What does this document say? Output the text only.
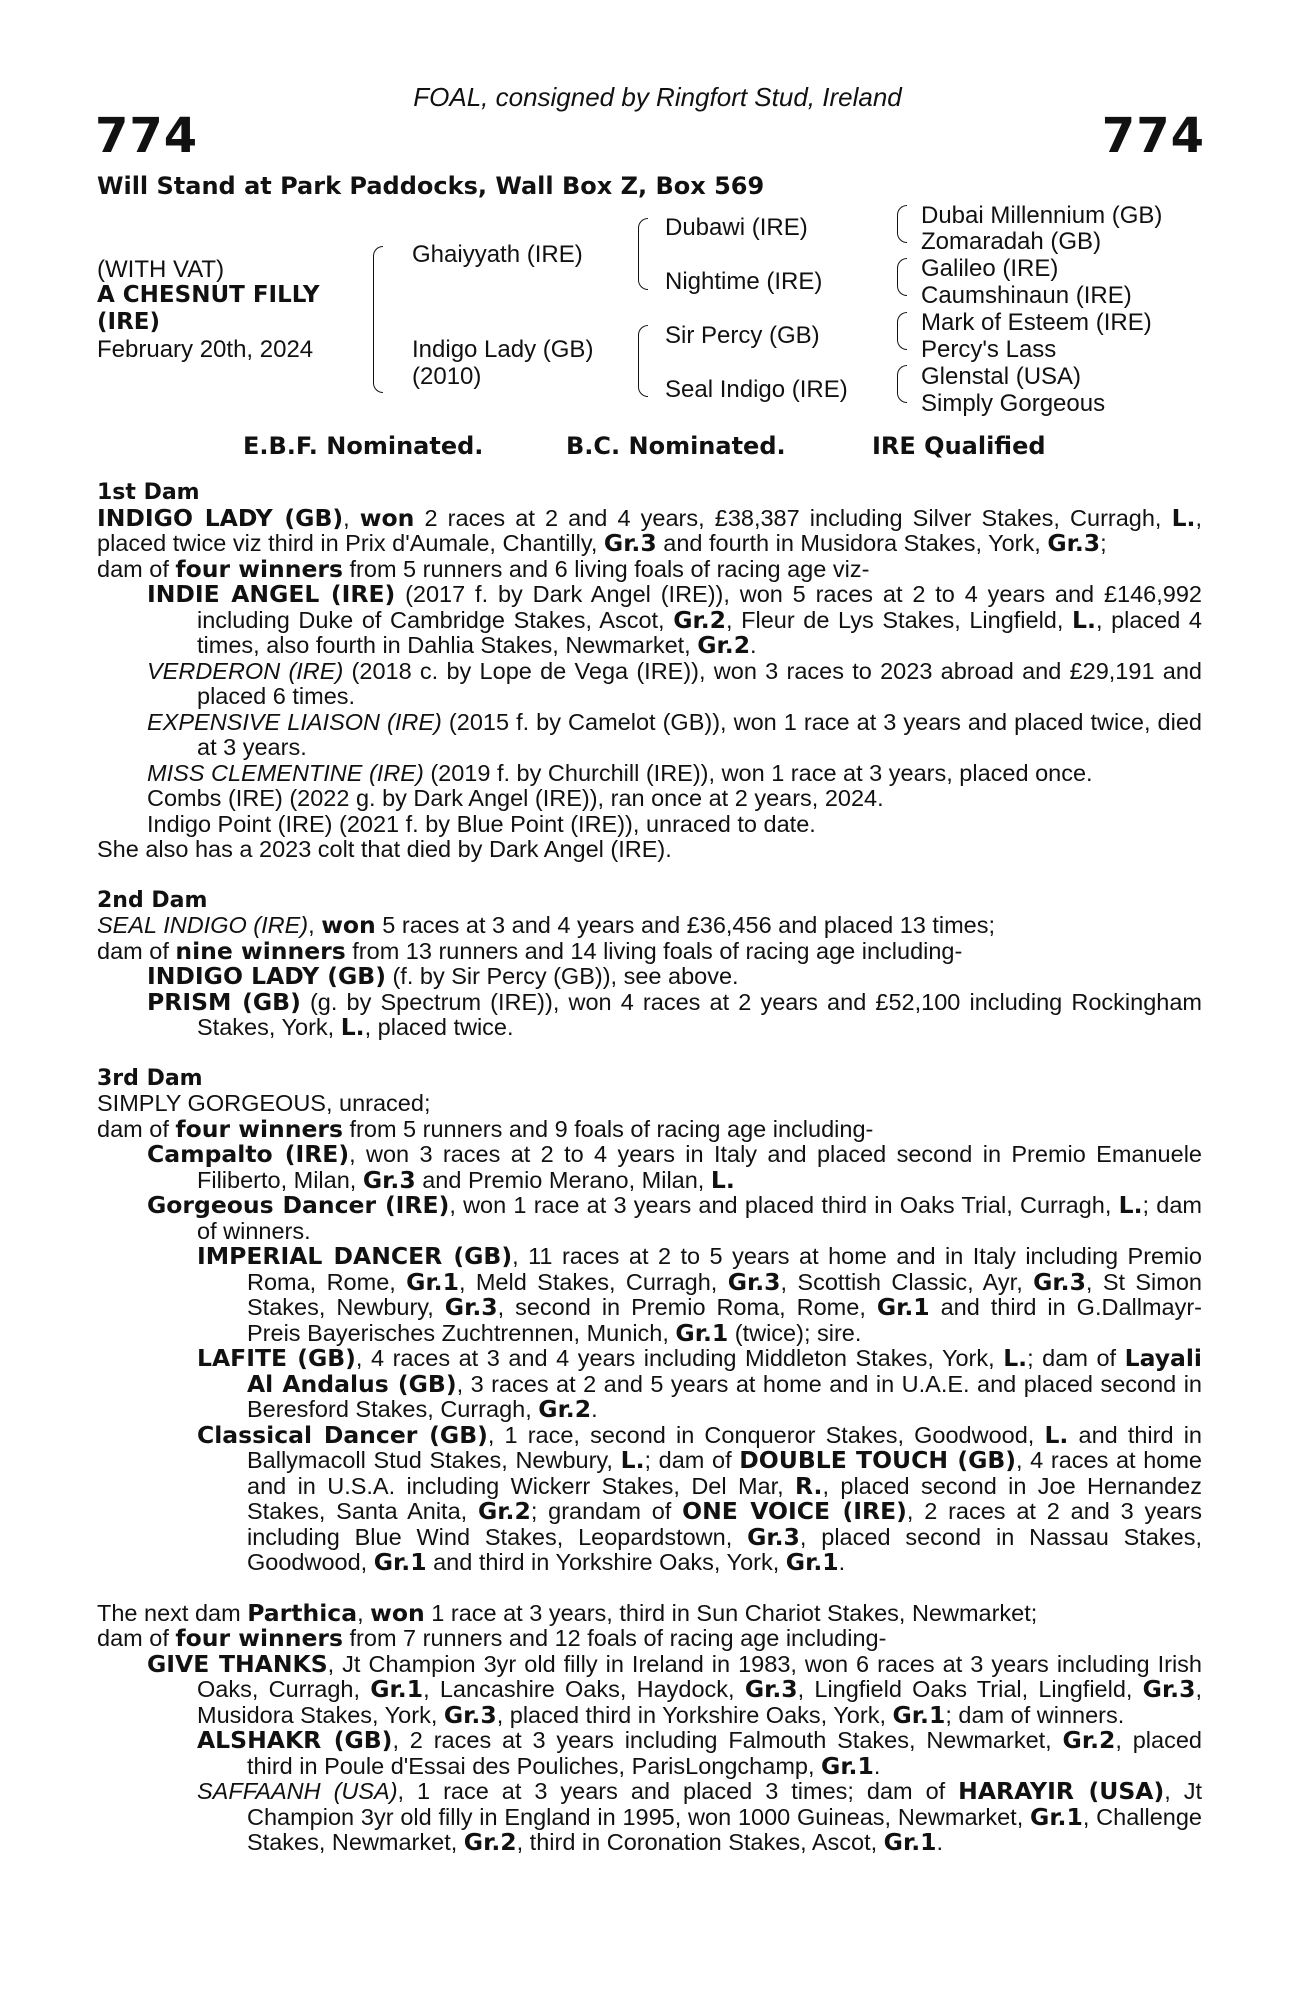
FOAL, consigned by Ringfort Stud, Ireland
774	774
Will Stand at Park Paddocks, Wall Box Z, Box 569
(WITH VAT)
A CHESNUT FILLY
(IRE)
February 20th, 2024
Ghaiyyath (IRE)
Indigo Lady (GB)
(2010)
Dubawi (IRE)
Nightime (IRE)
Sir Percy (GB)
Seal Indigo (IRE)
Dubai Millennium (GB)
Zomaradah (GB)
Galileo (IRE)
Caumshinaun (IRE)
Mark of Esteem (IRE)
Percy's Lass
Glenstal (USA)
Simply Gorgeous
E.B.F. Nominated.	B.C. Nominated.	IRE Qualified

1st Dam

INDIGO LADY (GB), won 2 races at 2 and 4 years, £38,387 including Silver Stakes, Curragh, L., placed twice viz third in Prix d'Aumale, Chantilly, Gr.3 and fourth in Musidora Stakes, York, Gr.3;

dam of four winners from 5 runners and 6 living foals of racing age viz-

INDIE ANGEL (IRE) (2017 f. by Dark Angel (IRE)), won 5 races at 2 to 4 years and £146,992 including Duke of Cambridge Stakes, Ascot, Gr.2, Fleur de Lys Stakes, Lingfield, L., placed 4 times, also fourth in Dahlia Stakes, Newmarket, Gr.2.

VERDERON (IRE) (2018 c. by Lope de Vega (IRE)), won 3 races to 2023 abroad and £29,191 and placed 6 times.

EXPENSIVE LIAISON (IRE) (2015 f. by Camelot (GB)), won 1 race at 3 years and placed twice, died at 3 years.

MISS CLEMENTINE (IRE) (2019 f. by Churchill (IRE)), won 1 race at 3 years, placed once.

Combs (IRE) (2022 g. by Dark Angel (IRE)), ran once at 2 years, 2024.

Indigo Point (IRE) (2021 f. by Blue Point (IRE)), unraced to date.

She also has a 2023 colt that died by Dark Angel (IRE).

2nd Dam

SEAL INDIGO (IRE), won 5 races at 3 and 4 years and £36,456 and placed 13 times;

dam of nine winners from 13 runners and 14 living foals of racing age including-

INDIGO LADY (GB) (f. by Sir Percy (GB)), see above.

PRISM (GB) (g. by Spectrum (IRE)), won 4 races at 2 years and £52,100 including Rockingham Stakes, York, L., placed twice.

3rd Dam

SIMPLY GORGEOUS, unraced;

dam of four winners from 5 runners and 9 foals of racing age including-

Campalto (IRE), won 3 races at 2 to 4 years in Italy and placed second in Premio Emanuele Filiberto, Milan, Gr.3 and Premio Merano, Milan, L.

Gorgeous Dancer (IRE), won 1 race at 3 years and placed third in Oaks Trial, Curragh, L.; dam of winners.

IMPERIAL DANCER (GB), 11 races at 2 to 5 years at home and in Italy including Premio Roma, Rome, Gr.1, Meld Stakes, Curragh, Gr.3, Scottish Classic, Ayr, Gr.3, St Simon Stakes, Newbury, Gr.3, second in Premio Roma, Rome, Gr.1 and third in G.Dallmayr-Preis Bayerisches Zuchtrennen, Munich, Gr.1 (twice); sire.

LAFITE (GB), 4 races at 3 and 4 years including Middleton Stakes, York, L.; dam of Layali Al Andalus (GB), 3 races at 2 and 5 years at home and in U.A.E. and placed second in Beresford Stakes, Curragh, Gr.2.

Classical Dancer (GB), 1 race, second in Conqueror Stakes, Goodwood, L. and third in Ballymacoll Stud Stakes, Newbury, L.; dam of DOUBLE TOUCH (GB), 4 races at home and in U.S.A. including Wickerr Stakes, Del Mar, R., placed second in Joe Hernandez Stakes, Santa Anita, Gr.2; grandam of ONE VOICE (IRE), 2 races at 2 and 3 years including Blue Wind Stakes, Leopardstown, Gr.3, placed second in Nassau Stakes, Goodwood, Gr.1 and third in Yorkshire Oaks, York, Gr.1.

The next dam Parthica, won 1 race at 3 years, third in Sun Chariot Stakes, Newmarket;

dam of four winners from 7 runners and 12 foals of racing age including-

GIVE THANKS, Jt Champion 3yr old filly in Ireland in 1983, won 6 races at 3 years including Irish Oaks, Curragh, Gr.1, Lancashire Oaks, Haydock, Gr.3, Lingfield Oaks Trial, Lingfield, Gr.3, Musidora Stakes, York, Gr.3, placed third in Yorkshire Oaks, York, Gr.1; dam of winners.

ALSHAKR (GB), 2 races at 3 years including Falmouth Stakes, Newmarket, Gr.2, placed third in Poule d'Essai des Pouliches, ParisLongchamp, Gr.1.

SAFFAANH (USA), 1 race at 3 years and placed 3 times; dam of HARAYIR (USA), Jt Champion 3yr old filly in England in 1995, won 1000 Guineas, Newmarket, Gr.1, Challenge Stakes, Newmarket, Gr.2, third in Coronation Stakes, Ascot, Gr.1.
